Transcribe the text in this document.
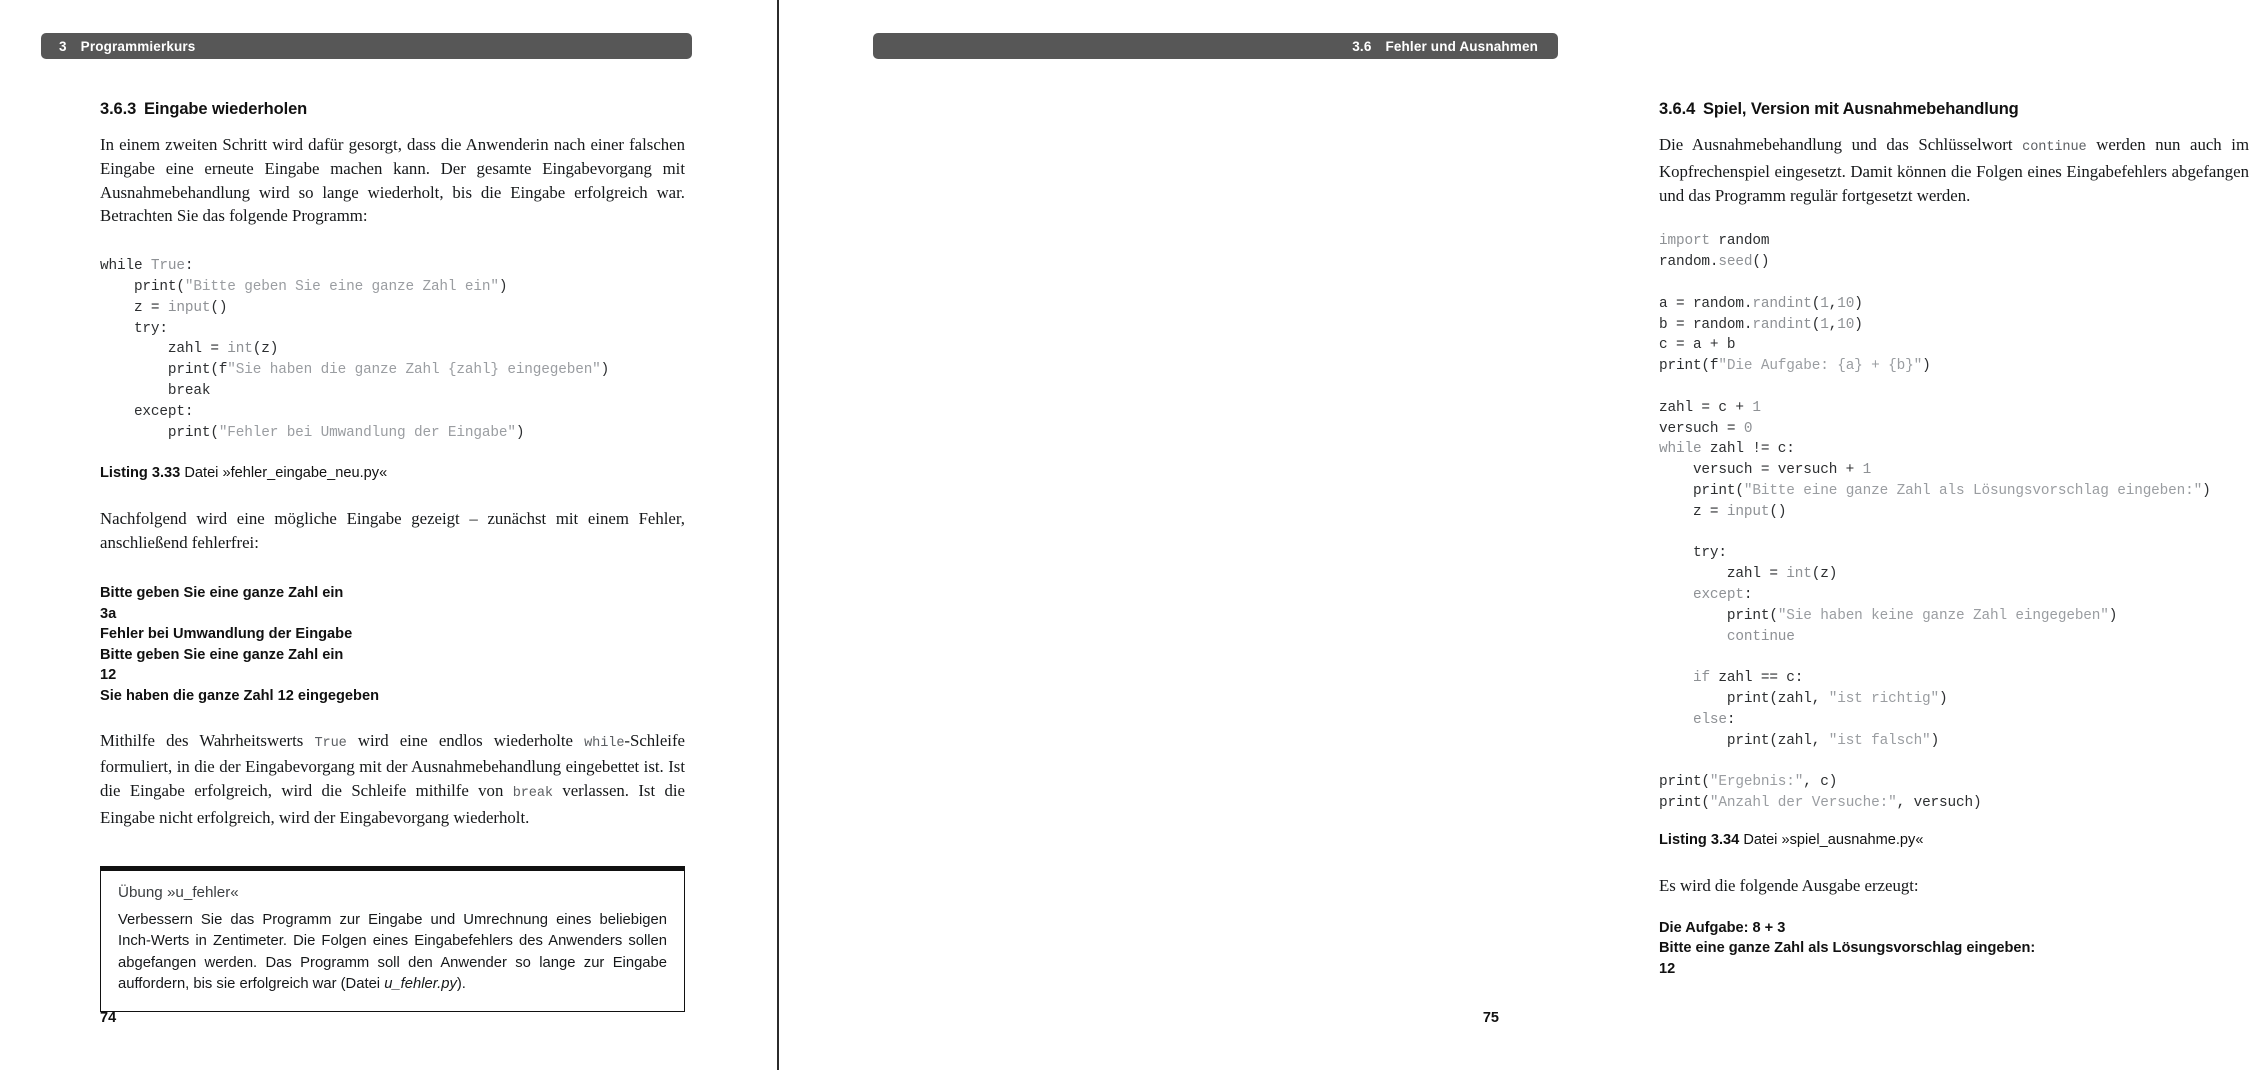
3 Programmierkurs
3.6.3 Eingabe wiederholen

In einem zweiten Schritt wird dafür gesorgt, dass die Anwenderin nach einer falschen Eingabe eine erneute Eingabe machen kann. Der gesamte Eingabevorgang mit Ausnahmebehandlung wird so lange wiederholt, bis die Eingabe erfolgreich war. Betrachten Sie das folgende Programm:

while True:
print("Bitte geben Sie eine ganze Zahl ein")
z = input()
try:
zahl = int(z)
print(f"Sie haben die ganze Zahl {zahl} eingegeben")
break
except:
print("Fehler bei Umwandlung der Eingabe")

Listing 3.33 Datei »fehler_eingabe_neu.py«

Nachfolgend wird eine mögliche Eingabe gezeigt – zunächst mit einem Fehler, anschließend fehlerfrei:

Bitte geben Sie eine ganze Zahl ein
3a
Fehler bei Umwandlung der Eingabe
Bitte geben Sie eine ganze Zahl ein
12
Sie haben die ganze Zahl 12 eingegeben

Mithilfe des Wahrheitswerts True wird eine endlos wiederholte while-Schleife formuliert, in die der Eingabevorgang mit der Ausnahmebehandlung eingebettet ist. Ist die Eingabe erfolgreich, wird die Schleife mithilfe von break verlassen. Ist die Eingabe nicht erfolgreich, wird der Eingabevorgang wiederholt.

Übung »u_fehler«

Verbessern Sie das Programm zur Eingabe und Umrechnung eines beliebigen Inch-Werts in Zentimeter. Die Folgen eines Eingabefehlers des Anwenders sollen abgefangen werden. Das Programm soll den Anwender so lange zur Eingabe auffordern, bis sie erfolgreich war (Datei u_fehler.py).

74
3.6 Fehler und Ausnahmen
3.6.4 Spiel, Version mit Ausnahmebehandlung

Die Ausnahmebehandlung und das Schlüsselwort continue werden nun auch im Kopfrechenspiel eingesetzt. Damit können die Folgen eines Eingabefehlers abgefangen und das Programm regulär fortgesetzt werden.

import random
random.seed()

a = random.randint(1,10)
b = random.randint(1,10)
c = a + b
print(f"Die Aufgabe: {a} + {b}")

zahl = c + 1
versuch = 0
while zahl != c:
versuch = versuch + 1
print("Bitte eine ganze Zahl als Lösungsvorschlag eingeben:")
z = input()

try:
zahl = int(z)
except:
print("Sie haben keine ganze Zahl eingegeben")
continue

if zahl == c:
print(zahl, "ist richtig")
else:
print(zahl, "ist falsch")

print("Ergebnis:", c)
print("Anzahl der Versuche:", versuch)

Listing 3.34 Datei »spiel_ausnahme.py«

Es wird die folgende Ausgabe erzeugt:

Die Aufgabe: 8 + 3
Bitte eine ganze Zahl als Lösungsvorschlag eingeben:
12
75
